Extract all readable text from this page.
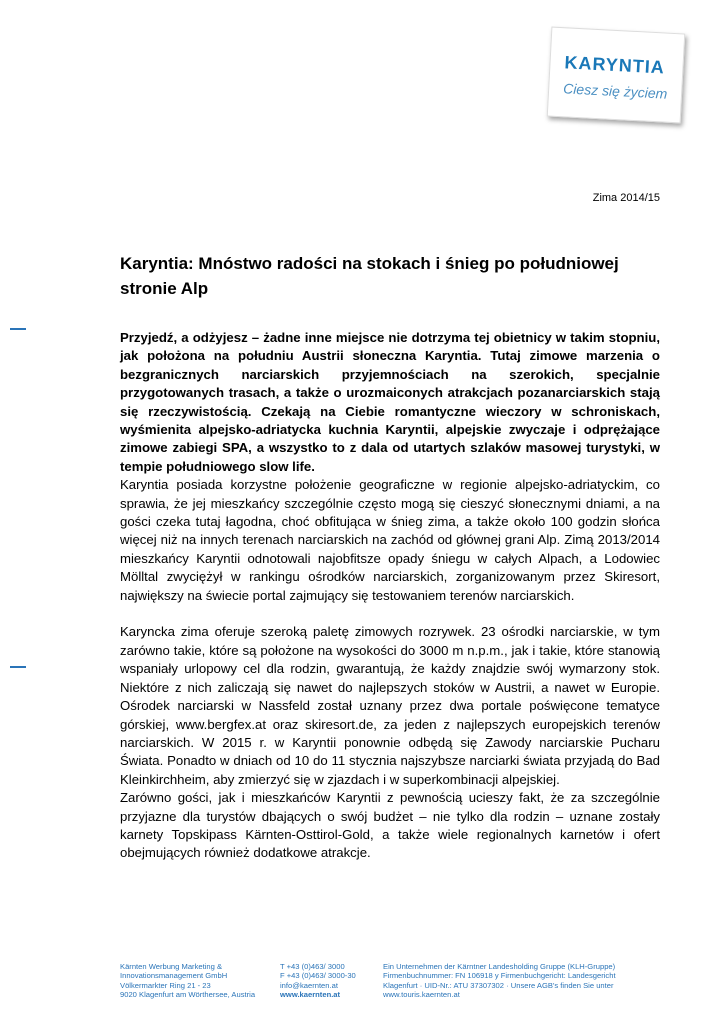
KARYNTIA
Ciesz się życiem
Zima 2014/15
Karyntia: Mnóstwo radości na stokach i śnieg po południowej stronie Alp

Przyjedź, a odżyjesz – żadne inne miejsce nie dotrzyma tej obietnicy w takim stopniu, jak położona na południu Austrii słoneczna Karyntia. Tutaj zimowe marzenia o bezgranicznych narciarskich przyjemnościach na szerokich, specjalnie przygotowanych trasach, a także o urozmaiconych atrakcjach pozanarciarskich stają się rzeczywistością. Czekają na Ciebie romantyczne wieczory w schroniskach, wyśmienita alpejsko-adriatycka kuchnia Karyntii, alpejskie zwyczaje i odprężające zimowe zabiegi SPA, a wszystko to z dala od utartych szlaków masowej turystyki, w tempie południowego slow life.

Karyntia posiada korzystne położenie geograficzne w regionie alpejsko-adriatyckim, co sprawia, że jej mieszkańcy szczególnie często mogą się cieszyć słonecznymi dniami, a na gości czeka tutaj łagodna, choć obfitująca w śnieg zima, a także około 100 godzin słońca więcej niż na innych terenach narciarskich na zachód od głównej grani Alp. Zimą 2013/2014 mieszkańcy Karyntii odnotowali najobfitsze opady śniegu w całych Alpach, a Lodowiec Mölltal zwyciężył w rankingu ośrodków narciarskich, zorganizowanym przez Skiresort, największy na świecie portal zajmujący się testowaniem terenów narciarskich.

Karyncka zima oferuje szeroką paletę zimowych rozrywek. 23 ośrodki narciarskie, w tym zarówno takie, które są położone na wysokości do 3000 m n.p.m., jak i takie, które stanowią wspaniały urlopowy cel dla rodzin, gwarantują, że każdy znajdzie swój wymarzony stok. Niektóre z nich zaliczają się nawet do najlepszych stoków w Austrii, a nawet w Europie. Ośrodek narciarski w Nassfeld został uznany przez dwa portale poświęcone tematyce górskiej, www.bergfex.at oraz skiresort.de, za jeden z najlepszych europejskich terenów narciarskich. W 2015 r. w Karyntii ponownie odbędą się Zawody narciarskie Pucharu Świata. Ponadto w dniach od 10 do 11 stycznia najszybsze narciarki świata przyjadą do Bad Kleinkirchheim, aby zmierzyć się w zjazdach i w superkombinacji alpejskiej.

Zarówno gości, jak i mieszkańców Karyntii z pewnością ucieszy fakt, że za szczególnie przyjazne dla turystów dbających o swój budżet – nie tylko dla rodzin – uznane zostały karnety Topskipass Kärnten-Osttirol-Gold, a także wiele regionalnych karnetów i ofert obejmujących również dodatkowe atrakcje.

Kärnten Werbung Marketing &
Innovationsmanagement GmbH
Völkermarkter Ring 21 - 23
9020 Klagenfurt am Wörthersee, Austria
T +43 (0)463/ 3000
F +43 (0)463/ 3000-30
info@kaernten.at
www.kaernten.at
Ein Unternehmen der Kärntner Landesholding Gruppe (KLH-Gruppe)
Firmenbuchnummer: FN 106918 y Firmenbuchgericht: Landesgericht
Klagenfurt · UID-Nr.: ATU 37307302 · Unsere AGB's finden Sie unter
www.touris.kaernten.at
